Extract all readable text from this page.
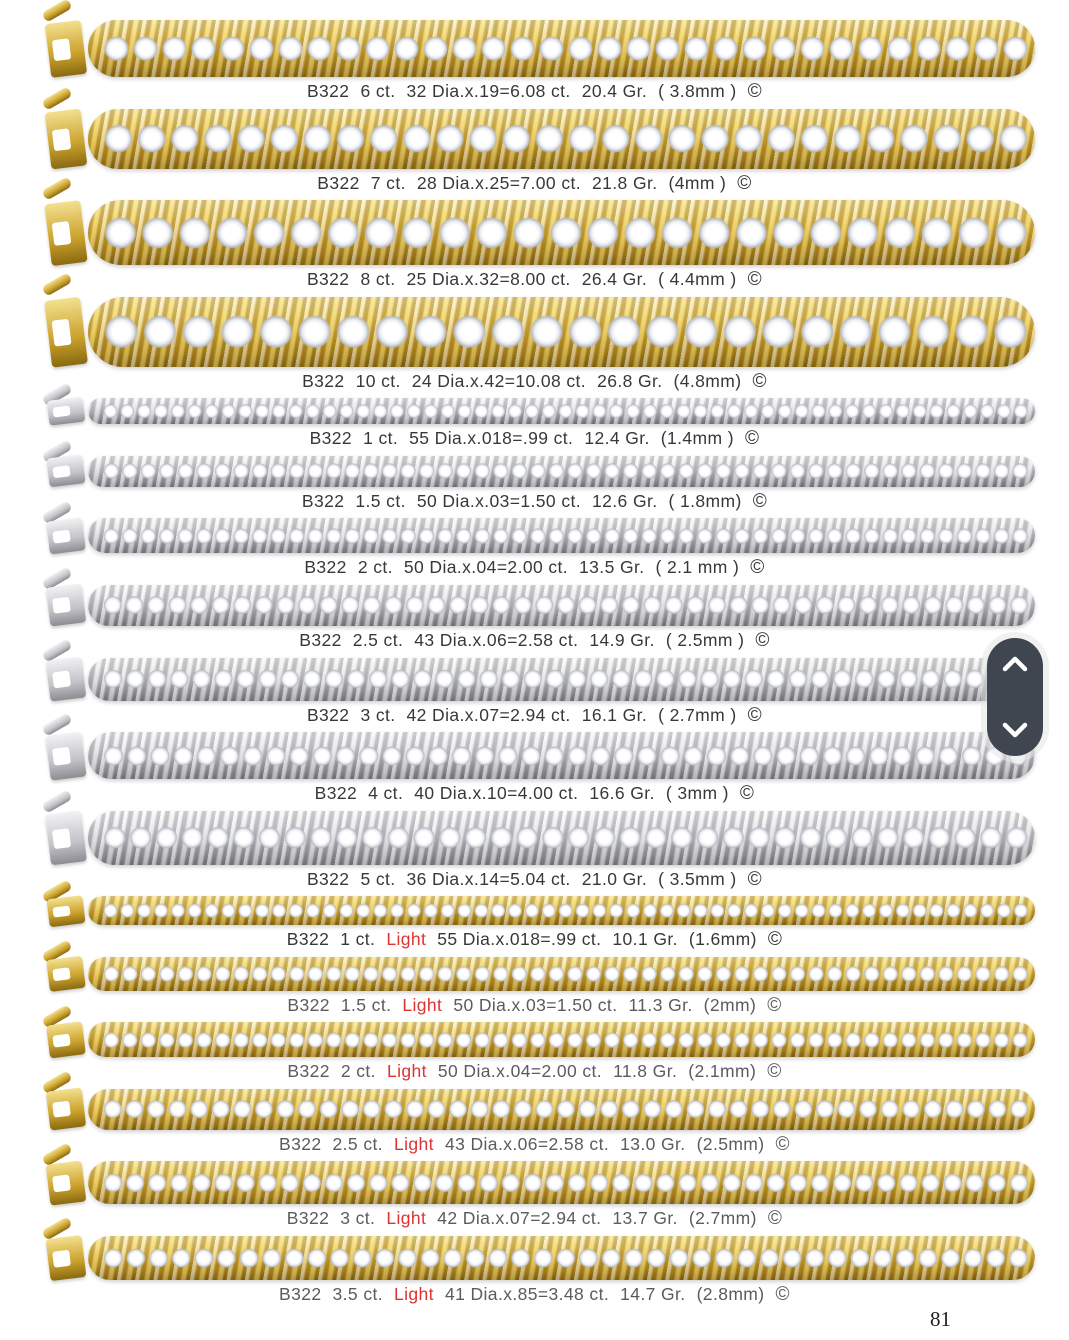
B322 6 ct. 32 Dia.x.19=6.08 ct. 20.4 Gr. ( 3.8mm ) ©
B322 7 ct. 28 Dia.x.25=7.00 ct. 21.8 Gr. (4mm ) ©
B322 8 ct. 25 Dia.x.32=8.00 ct. 26.4 Gr. ( 4.4mm ) ©
B322 10 ct. 24 Dia.x.42=10.08 ct. 26.8 Gr. (4.8mm) ©
B322 1 ct. 55 Dia.x.018=.99 ct. 12.4 Gr. (1.4mm ) ©
B322 1.5 ct. 50 Dia.x.03=1.50 ct. 12.6 Gr. ( 1.8mm) ©
B322 2 ct. 50 Dia.x.04=2.00 ct. 13.5 Gr. ( 2.1 mm ) ©
B322 2.5 ct. 43 Dia.x.06=2.58 ct. 14.9 Gr. ( 2.5mm ) ©
B322 3 ct. 42 Dia.x.07=2.94 ct. 16.1 Gr. ( 2.7mm ) ©
B322 4 ct. 40 Dia.x.10=4.00 ct. 16.6 Gr. ( 3mm ) ©
B322 5 ct. 36 Dia.x.14=5.04 ct. 21.0 Gr. ( 3.5mm ) ©
B322 1 ct. Light 55 Dia.x.018=.99 ct. 10.1 Gr. (1.6mm) ©
B322 1.5 ct. Light 50 Dia.x.03=1.50 ct. 11.3 Gr. (2mm) ©
B322 2 ct. Light 50 Dia.x.04=2.00 ct. 11.8 Gr. (2.1mm) ©
B322 2.5 ct. Light 43 Dia.x.06=2.58 ct. 13.0 Gr. (2.5mm) ©
B322 3 ct. Light 42 Dia.x.07=2.94 ct. 13.7 Gr. (2.7mm) ©
B322 3.5 ct. Light 41 Dia.x.85=3.48 ct. 14.7 Gr. (2.8mm) ©
81
